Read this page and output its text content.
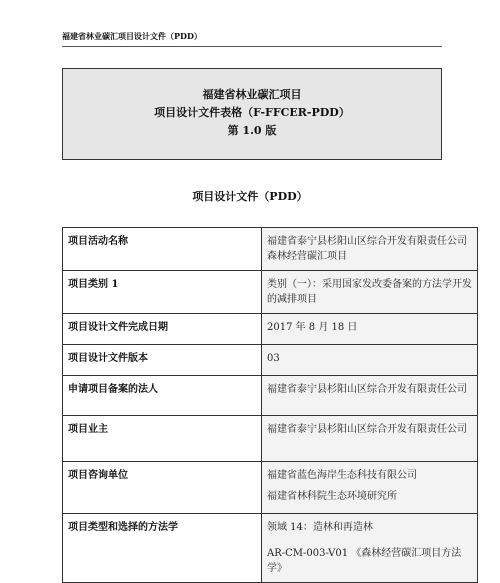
福建省林业碳汇项目设计文件（PDD）
福建省林业碳汇项目
项目设计文件表格（F-FFCER-PDD）
第 1.0 版
项目设计文件（PDD）
项目活动名称	福建省泰宁县杉阳山区综合开发有限责任公司森林经营碳汇项目

项目类别 1	类别（一）：采用国家发改委备案的方法学开发的减排项目

项目设计文件完成日期	2017 年 8 月 18 日

项目设计文件版本	03

申请项目备案的法人	福建省泰宁县杉阳山区综合开发有限责任公司

项目业主	福建省泰宁县杉阳山区综合开发有限责任公司

项目咨询单位	福建省蓝色海岸生态科技有限公司
福建省林科院生态环境研究所

项目类型和选择的方法学	领域 14：造林和再造林
AR-CM-003-V01 《森林经营碳汇项目方法学》
